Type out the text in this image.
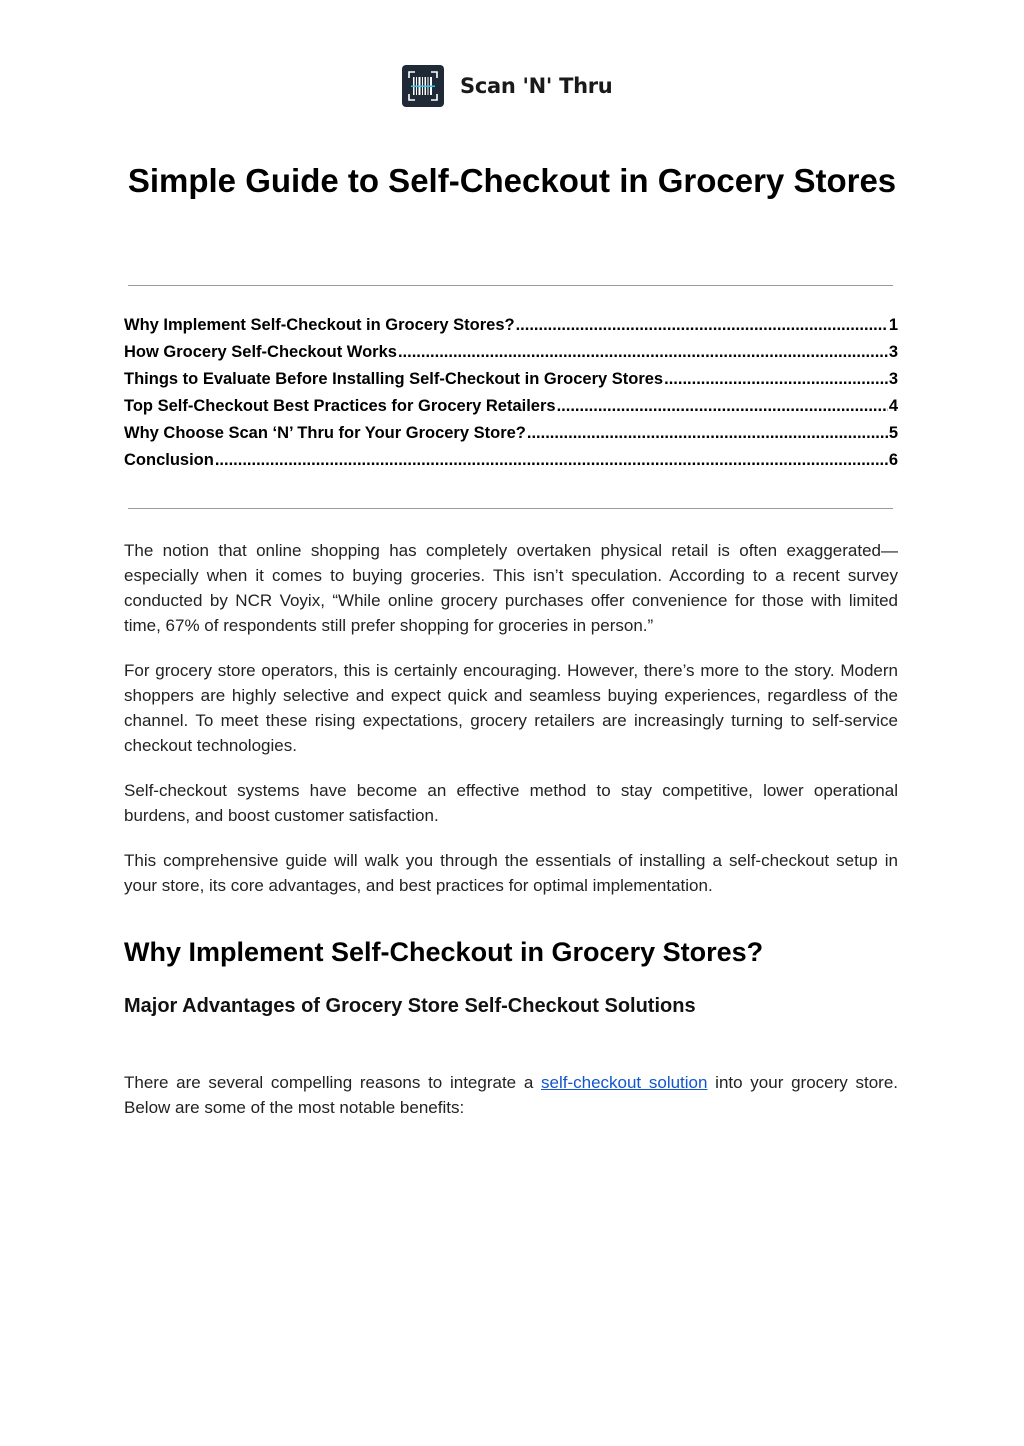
Scan 'N' Thru
Simple Guide to Self-Checkout in Grocery Stores
Why Implement Self-Checkout in Grocery Stores? .....	1
How Grocery Self-Checkout Works .....	3
Things to Evaluate Before Installing Self-Checkout in Grocery Stores .....	3
Top Self-Checkout Best Practices for Grocery Retailers .....	4
Why Choose Scan ‘N’ Thru for Your Grocery Store? .....	5
Conclusion .....	6

The notion that online shopping has completely overtaken physical retail is often exaggerated—especially when it comes to buying groceries. This isn’t speculation. According to a recent survey conducted by NCR Voyix, “While online grocery purchases offer convenience for those with limited time, 67% of respondents still prefer shopping for groceries in person.”

For grocery store operators, this is certainly encouraging. However, there’s more to the story. Modern shoppers are highly selective and expect quick and seamless buying experiences, regardless of the channel. To meet these rising expectations, grocery retailers are increasingly turning to self-service checkout technologies.

Self-checkout systems have become an effective method to stay competitive, lower operational burdens, and boost customer satisfaction.

This comprehensive guide will walk you through the essentials of installing a self-checkout setup in your store, its core advantages, and best practices for optimal implementation.

Why Implement Self-Checkout in Grocery Stores?
Major Advantages of Grocery Store Self-Checkout Solutions

There are several compelling reasons to integrate a self-checkout solution into your grocery store. Below are some of the most notable benefits:
